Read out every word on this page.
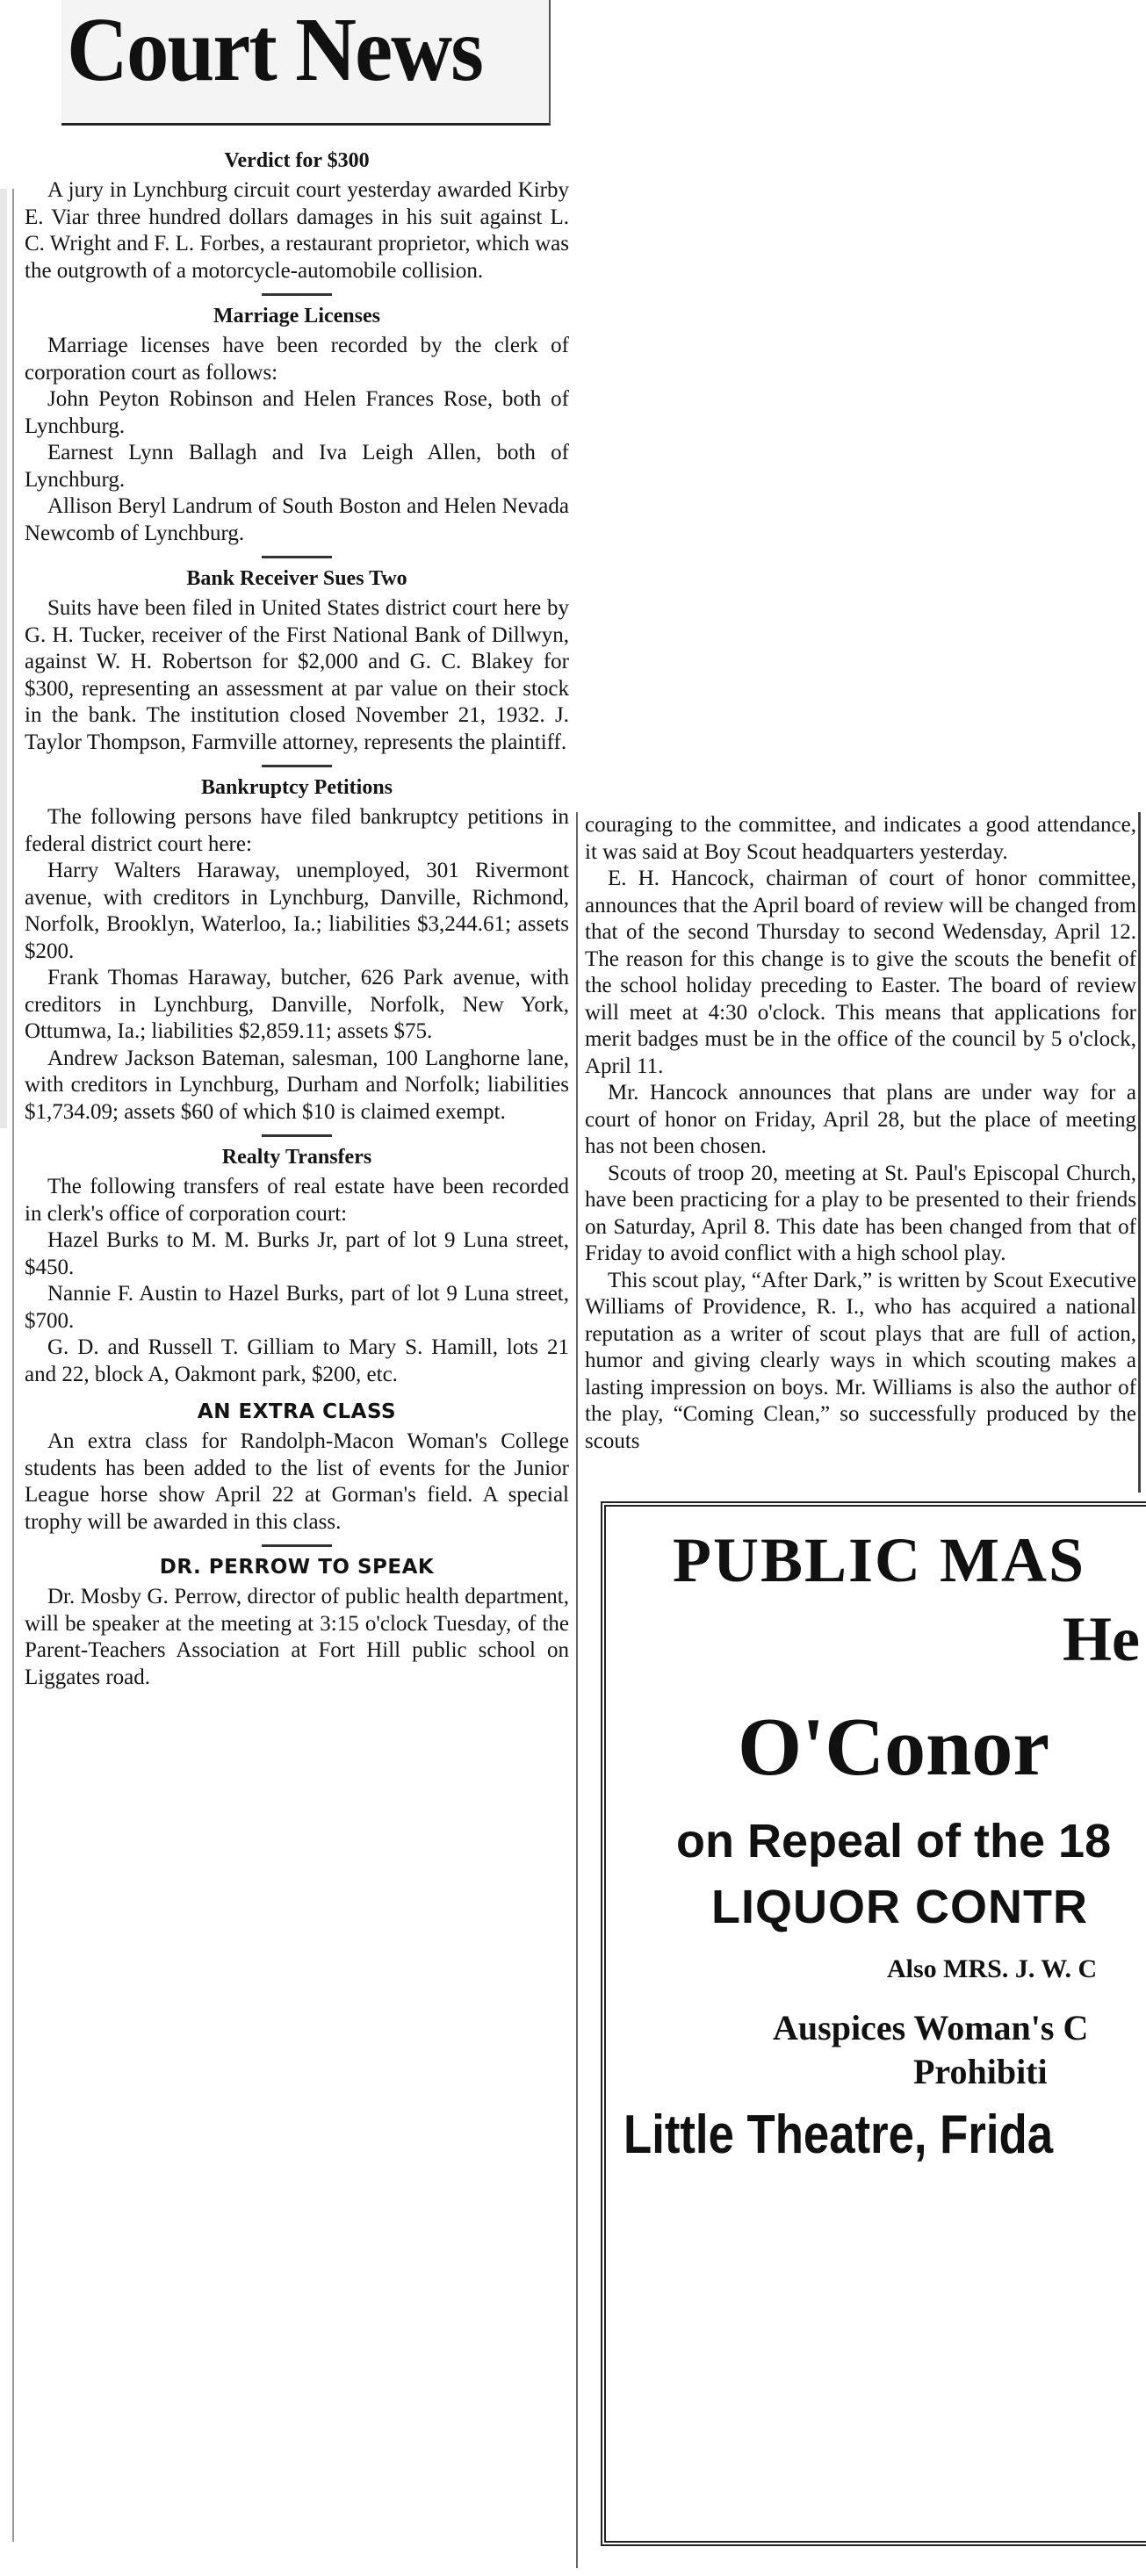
Court News
Verdict for $300

A jury in Lynchburg circuit court yesterday awarded Kirby E. Viar three hundred dollars damages in his suit against L. C. Wright and F. L. Forbes, a restaurant proprietor, which was the outgrowth of a motorcycle-automobile collision.

Marriage Licenses

Marriage licenses have been recorded by the clerk of corporation court as follows:

John Peyton Robinson and Helen Frances Rose, both of Lynchburg.

Earnest Lynn Ballagh and Iva Leigh Allen, both of Lynchburg.

Allison Beryl Landrum of South Boston and Helen Nevada Newcomb of Lynchburg.

Bank Receiver Sues Two

Suits have been filed in United States district court here by G. H. Tucker, receiver of the First National Bank of Dillwyn, against W. H. Robertson for $2,000 and G. C. Blakey for $300, representing an assessment at par value on their stock in the bank. The institution closed November 21, 1932. J. Taylor Thompson, Farmville attorney, represents the plaintiff.

Bankruptcy Petitions

The following persons have filed bankruptcy petitions in federal district court here:

Harry Walters Haraway, unemployed, 301 Rivermont avenue, with creditors in Lynchburg, Danville, Richmond, Norfolk, Brooklyn, Waterloo, Ia.; liabilities $3,244.61; assets $200.

Frank Thomas Haraway, butcher, 626 Park avenue, with creditors in Lynchburg, Danville, Norfolk, New York, Ottumwa, Ia.; liabilities $2,859.11; assets $75.

Andrew Jackson Bateman, salesman, 100 Langhorne lane, with creditors in Lynchburg, Durham and Norfolk; liabilities $1,734.09; assets $60 of which $10 is claimed exempt.

Realty Transfers

The following transfers of real estate have been recorded in clerk's office of corporation court:

Hazel Burks to M. M. Burks Jr, part of lot 9 Luna street, $450.

Nannie F. Austin to Hazel Burks, part of lot 9 Luna street, $700.

G. D. and Russell T. Gilliam to Mary S. Hamill, lots 21 and 22, block A, Oakmont park, $200, etc.

AN EXTRA CLASS

An extra class for Randolph-Macon Woman's College students has been added to the list of events for the Junior League horse show April 22 at Gorman's field. A special trophy will be awarded in this class.

DR. PERROW TO SPEAK

Dr. Mosby G. Perrow, director of public health department, will be speaker at the meeting at 3:15 o'clock Tuesday, of the Parent-Teachers Association at Fort Hill public school on Liggates road.

couraging to the committee, and indicates a good attendance, it was said at Boy Scout headquarters yesterday.

E. H. Hancock, chairman of court of honor committee, announces that the April board of review will be changed from that of the second Thursday to second Wedensday, April 12. The reason for this change is to give the scouts the benefit of the school holiday preceding to Easter. The board of review will meet at 4:30 o'clock. This means that applications for merit badges must be in the office of the council by 5 o'clock, April 11.

Mr. Hancock announces that plans are under way for a court of honor on Friday, April 28, but the place of meeting has not been chosen.

Scouts of troop 20, meeting at St. Paul's Episcopal Church, have been practicing for a play to be presented to their friends on Saturday, April 8. This date has been changed from that of Friday to avoid conflict with a high school play.

This scout play, “After Dark,” is written by Scout Executive Williams of Providence, R. I., who has acquired a national reputation as a writer of scout plays that are full of action, humor and giving clearly ways in which scouting makes a lasting impression on boys. Mr. Williams is also the author of the play, “Coming Clean,” so successfully produced by the scouts

PUBLIC MAS
He
O'Conor
on Repeal of the 18
LIQUOR CONTR
Also MRS. J. W. C
Auspices Woman's C
Prohibiti
Little Theatre, Frida
